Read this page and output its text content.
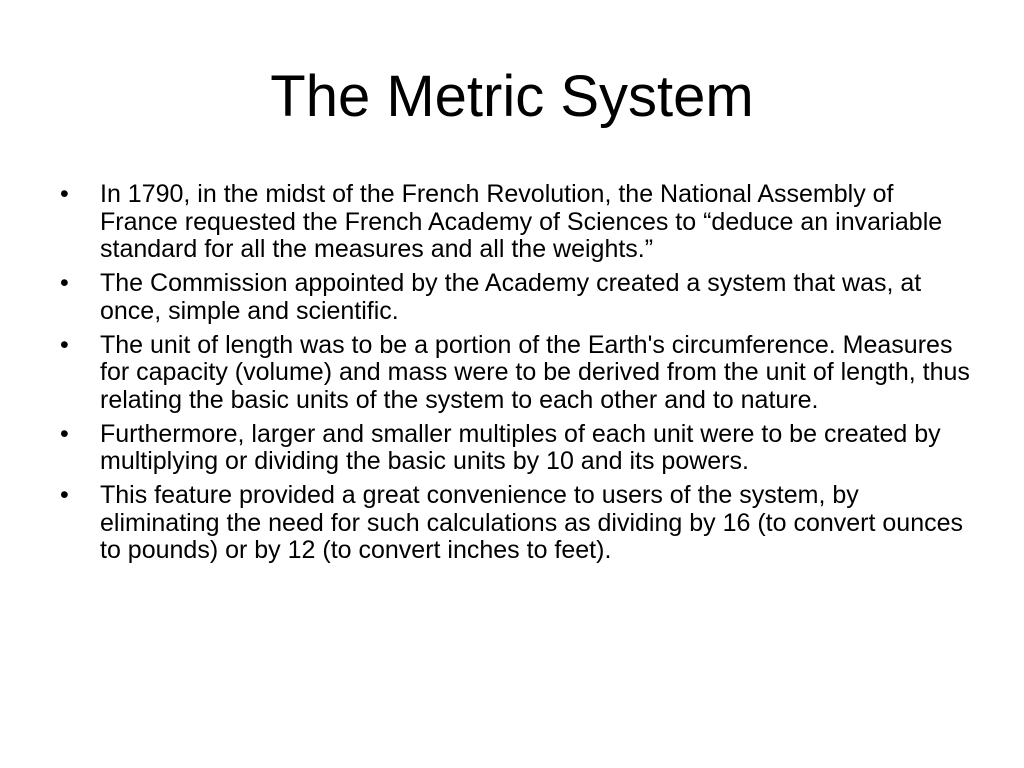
The Metric System
•	In 1790, in the midst of the French Revolution, the National Assembly of France requested the French Academy of Sciences to “deduce an invariable standard for all the measures and all the weights.”
•	The Commission appointed by the Academy created a system that was, at once, simple and scientific.
•	The unit of length was to be a portion of the Earth's circumference. Measures for capacity (volume) and mass were to be derived from the unit of length, thus relating the basic units of the system to each other and to nature.
•	Furthermore, larger and smaller multiples of each unit were to be created by multiplying or dividing the basic units by 10 and its powers.
•	This feature provided a great convenience to users of the system, by eliminating the need for such calculations as dividing by 16 (to convert ounces to pounds) or by 12 (to convert inches to feet).
